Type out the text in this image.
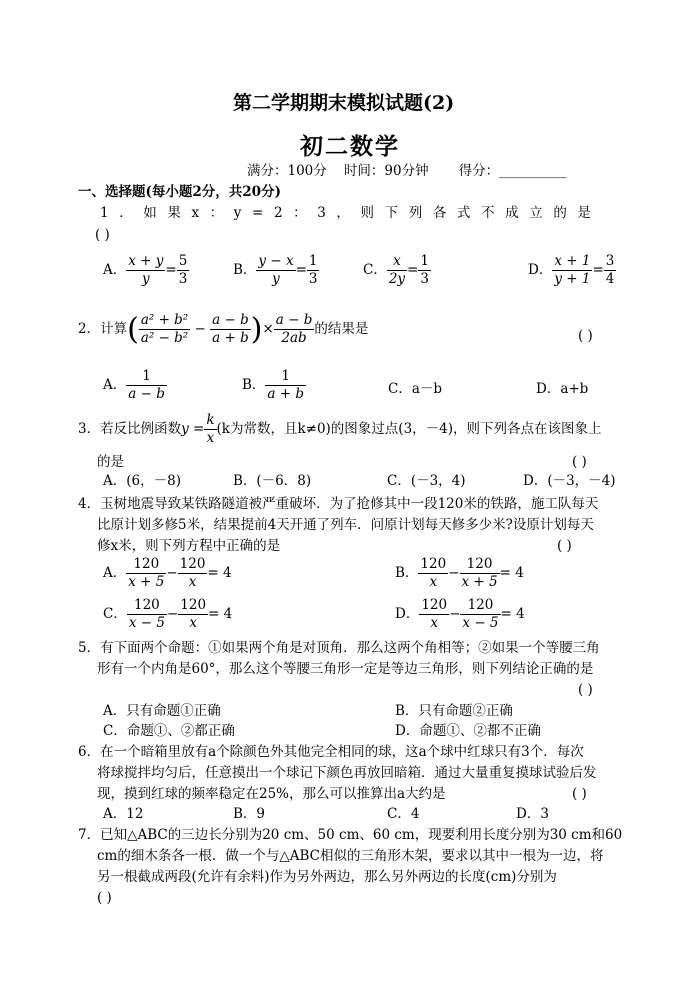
第二学期期末模拟试题(2)
初二数学
满分：100分    时间：90分钟       得分：__________
一、选择题(每小题2分，共20分)
1．如果x：y=2：3，则下列各式不成立的是
( )
A． $\frac{x + y}{y} = \frac{5}{3}$	B． $\frac{y - x}{y} = \frac{1}{3}$	C． $\frac{x}{2y} = \frac{1}{3}$	D． $\frac{x + 1}{y + 1} = \frac{3}{4}$
2．计算( $\frac{\text{a² + b²}}{\text{a² − b²}} - \frac{a - b}{a + b}$ )× $\frac{a - b}{2ab}$ 的结果是	( )
A． $\frac{1}{a - b}$	B． $\frac{1}{a + b}$	C．a－b	D．a+b
3．若反比例函数$y = \frac{k}{x} (k$为常数，且k≠0)的图象过点(3，－4)，则下列各点在该图象上
的是	( )
A．(6，－8)	B．(－6．8)	C．(－3，4)	D．(－3，－4)
4．玉树地震导致某铁路隧道被严重破坏．为了抢修其中一段120米的铁路，施工队每天
比原计划多修5米，结果提前4天开通了列车．问原计划每天修多少米?设原计划每天
修x米，则下列方程中正确的是	( )
A． $\frac{120}{x + 5} - \frac{120}{x} = 4$	B． $\frac{120}{x} - \frac{120}{x + 5} = 4$
C． $\frac{120}{x - 5} - \frac{120}{x} = 4$	D． $\frac{120}{x} - \frac{120}{x - 5} = 4$
5．有下面两个命题：①如果两个角是对顶角．那么这两个角相等；②如果一个等腰三角
形有一个内角是60°，那么这个等腰三角形一定是等边三角形，则下列结论正确的是
( )
A．只有命题①正确	B．只有命题②正确
C．命题①、②都正确	D．命题①、②都不正确
6．在一个暗箱里放有a个除颜色外其他完全相同的球，这a个球中红球只有3个．每次
将球搅拌均匀后，任意摸出一个球记下颜色再放回暗箱．通过大量重复摸球试验后发
现，摸到红球的频率稳定在25%，那么可以推算出a大约是	( )
A．12	B．9	C．4	D．3
7．已知△ABC的三边长分别为20 cm、50 cm、60 cm，现要利用长度分别为30 cm和60
cm的细木条各一根．做一个与△ABC相似的三角形木架，要求以其中一根为一边，将
另一根截成两段(允许有余料)作为另外两边，那么另外两边的长度(cm)分别为
( )
